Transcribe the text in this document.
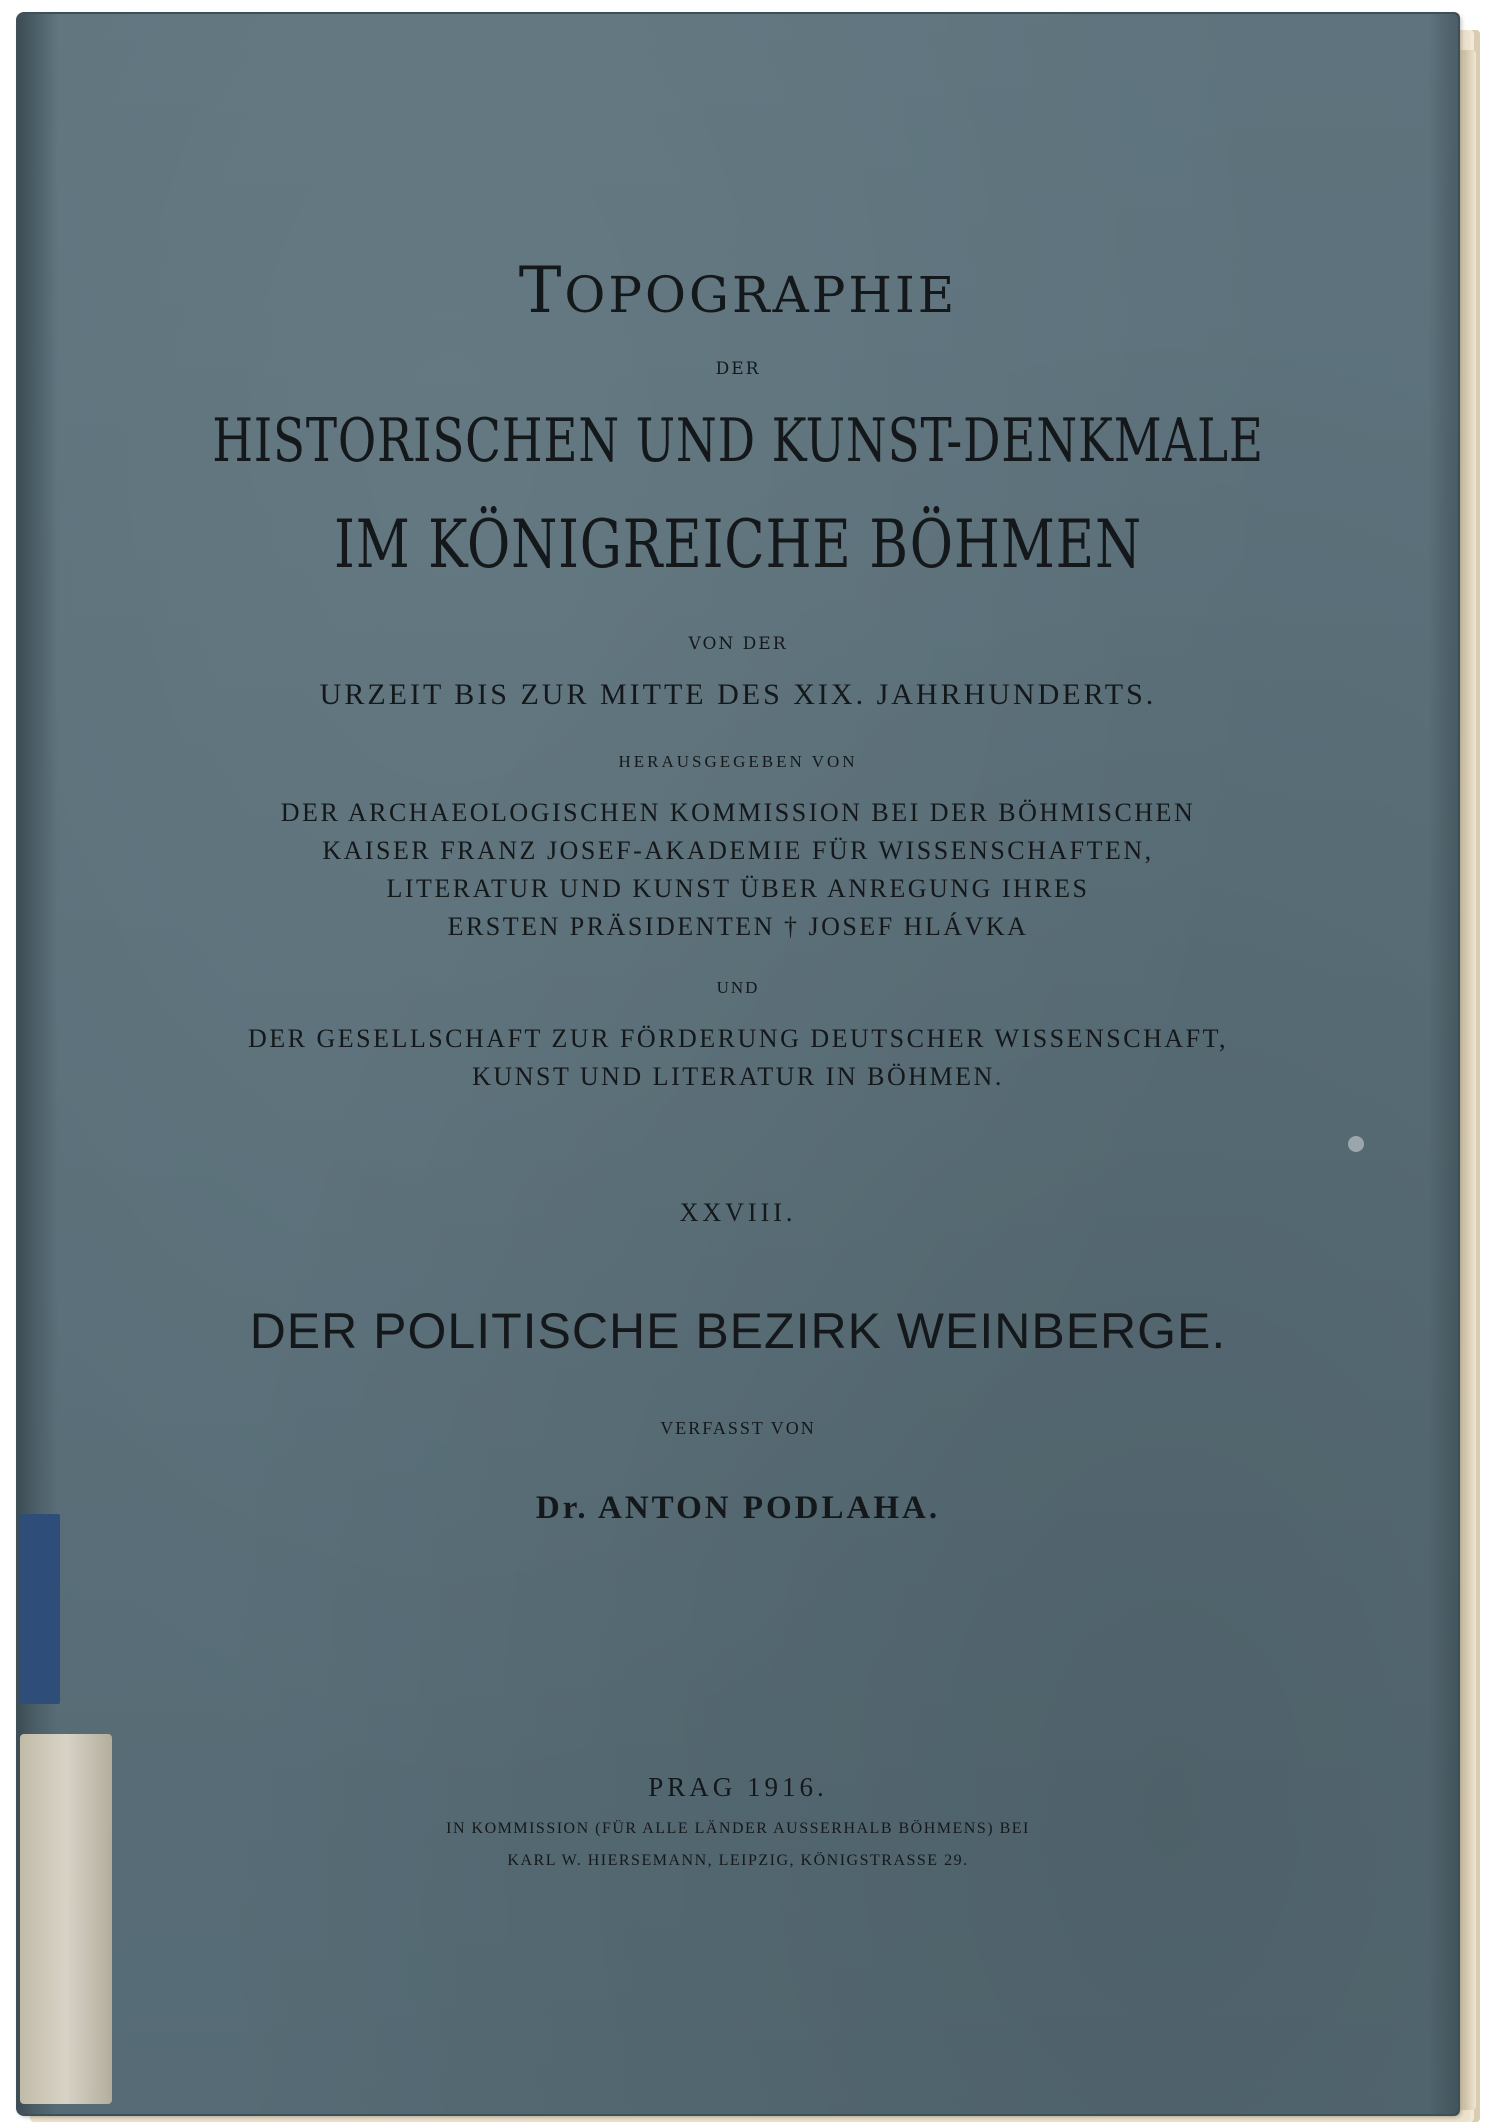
TOPOGRAPHIE
DER
HISTORISCHEN UND KUNST-DENKMALE
IM KÖNIGREICHE BÖHMEN
VON DER
URZEIT BIS ZUR MITTE DES XIX. JAHRHUNDERTS.
HERAUSGEGEBEN VON
DER ARCHAEOLOGISCHEN KOMMISSION BEI DER BÖHMISCHEN
KAISER FRANZ JOSEF-AKADEMIE FÜR WISSENSCHAFTEN,
LITERATUR UND KUNST ÜBER ANREGUNG IHRES
ERSTEN PRÄSIDENTEN † JOSEF HLÁVKA
UND
DER GESELLSCHAFT ZUR FÖRDERUNG DEUTSCHER WISSENSCHAFT,
KUNST UND LITERATUR IN BÖHMEN.
XXVIII.
DER POLITISCHE BEZIRK WEINBERGE.
VERFASST VON
Dr. ANTON PODLAHA.
PRAG 1916.
IN KOMMISSION (FÜR ALLE LÄNDER AUSSERHALB BÖHMENS) BEI
KARL W. HIERSEMANN, LEIPZIG, KÖNIGSTRASSE 29.
